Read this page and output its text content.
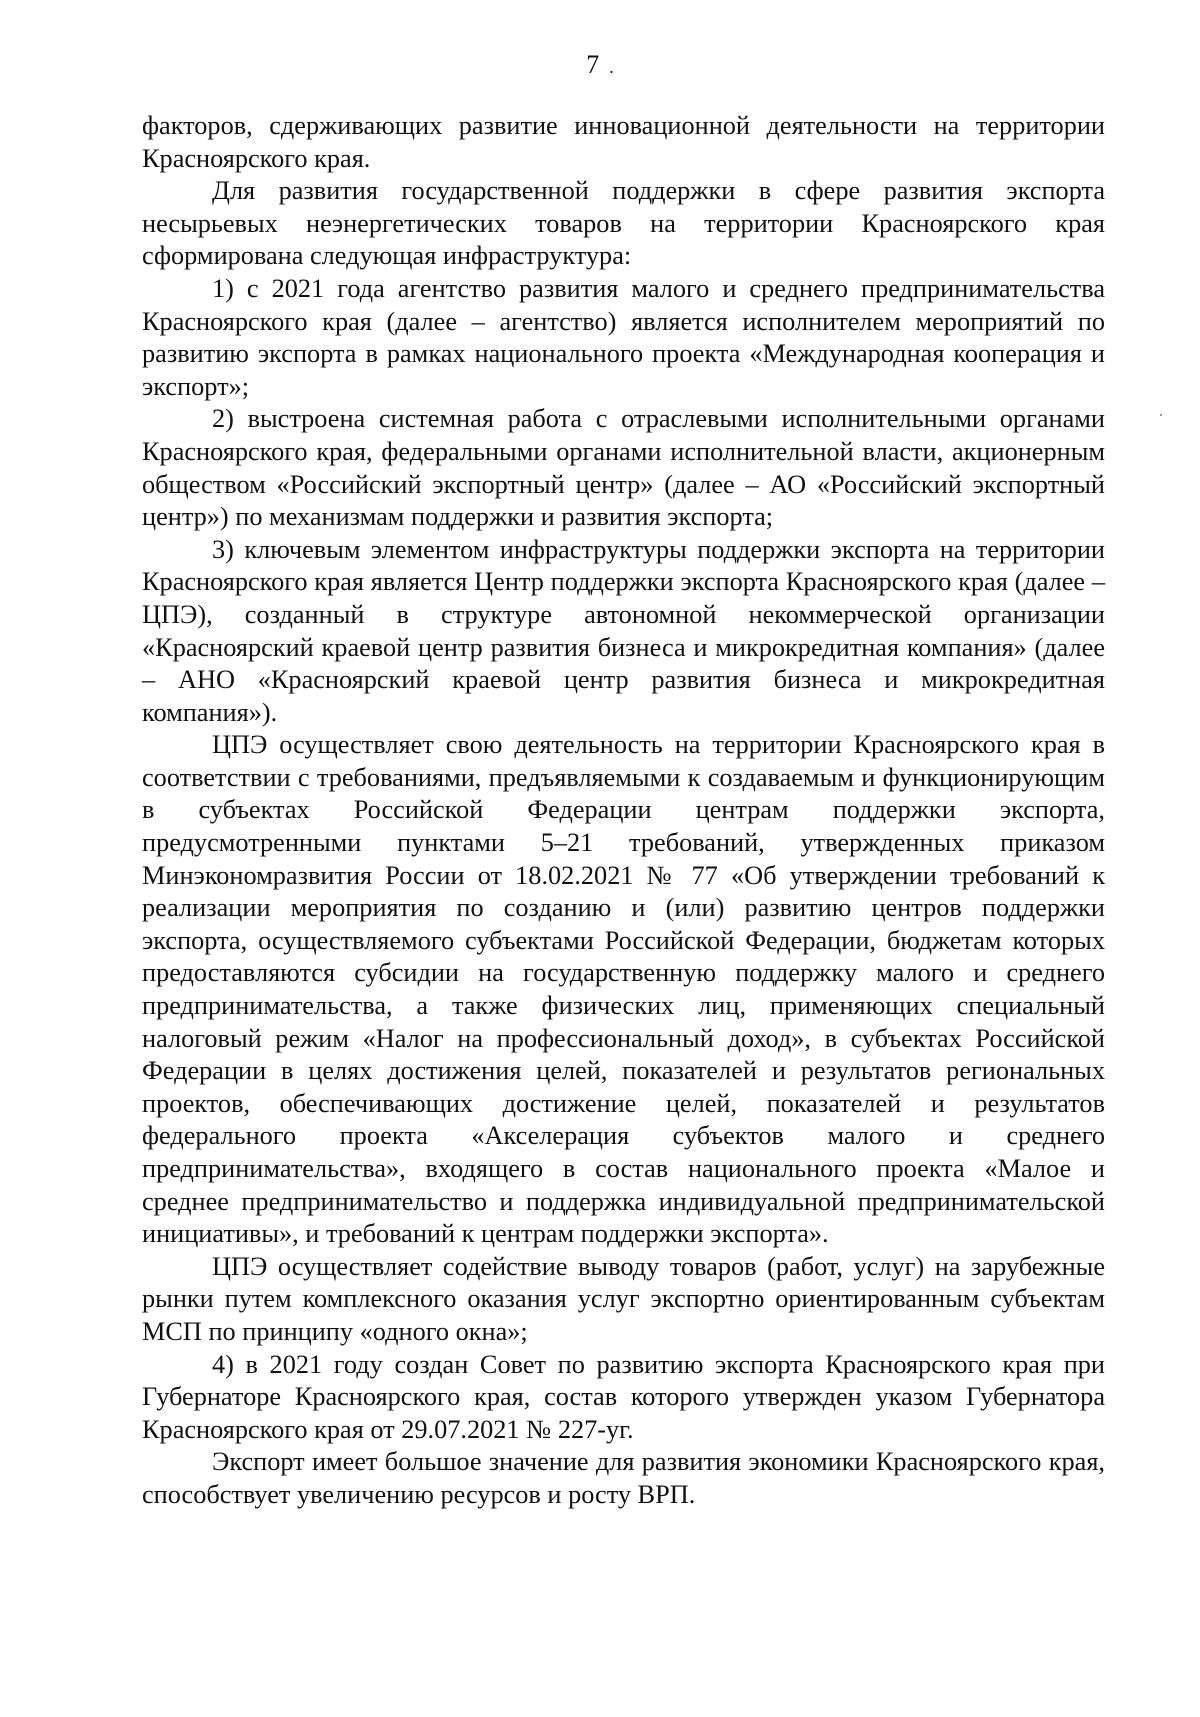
7 .

факторов, сдерживающих развитие инновационной деятельности на территории Красноярского края.

Для развития государственной поддержки в сфере развития экспорта несырьевых неэнергетических товаров на территории Красноярского края сформирована следующая инфраструктура:

1) с 2021 года агентство развития малого и среднего предпринимательства Красноярского края (далее – агентство) является исполнителем мероприятий по развитию экспорта в рамках национального проекта «Международная кооперация и экспорт»;

2) выстроена системная работа с отраслевыми исполнительными органами Красноярского края, федеральными органами исполнительной власти, акционерным обществом «Российский экспортный центр» (далее – АО «Российский экспортный центр») по механизмам поддержки и развития экспорта;

3) ключевым элементом инфраструктуры поддержки экспорта на территории Красноярского края является Центр поддержки экспорта Красноярского края (далее – ЦПЭ), созданный в структуре автономной некоммерческой организации «Красноярский краевой центр развития бизнеса и микрокредитная компания» (далее – АНО «Красноярский краевой центр развития бизнеса и микрокредитная компания»).

ЦПЭ осуществляет свою деятельность на территории Красноярского края в соответствии с требованиями, предъявляемыми к создаваемым и функционирующим в субъектах Российской Федерации центрам поддержки экспорта, предусмотренными пунктами 5–21 требований, утвержденных приказом Минэкономразвития России от 18.02.2021 № 77 «Об утверждении требований к реализации мероприятия по созданию и (или) развитию центров поддержки экспорта, осуществляемого субъектами Российской Федерации, бюджетам которых предоставляются субсидии на государственную поддержку малого и среднего предпринимательства, а также физических лиц, применяющих специальный налоговый режим «Налог на профессиональный доход», в субъектах Российской Федерации в целях достижения целей, показателей и результатов региональных проектов, обеспечивающих достижение целей, показателей и результатов федерального проекта «Акселерация субъектов малого и среднего предпринимательства», входящего в состав национального проекта «Малое и среднее предпринимательство и поддержка индивидуальной предпринимательской инициативы», и требований к центрам поддержки экспорта».

ЦПЭ осуществляет содействие выводу товаров (работ, услуг) на зарубежные рынки путем комплексного оказания услуг экспортно ориентированным субъектам МСП по принципу «одного окна»;

4) в 2021 году создан Совет по развитию экспорта Красноярского края при Губернаторе Красноярского края, состав которого утвержден указом Губернатора Красноярского края от 29.07.2021 № 227-уг.

Экспорт имеет большое значение для развития экономики Красноярского края, способствует увеличению ресурсов и росту ВРП.
